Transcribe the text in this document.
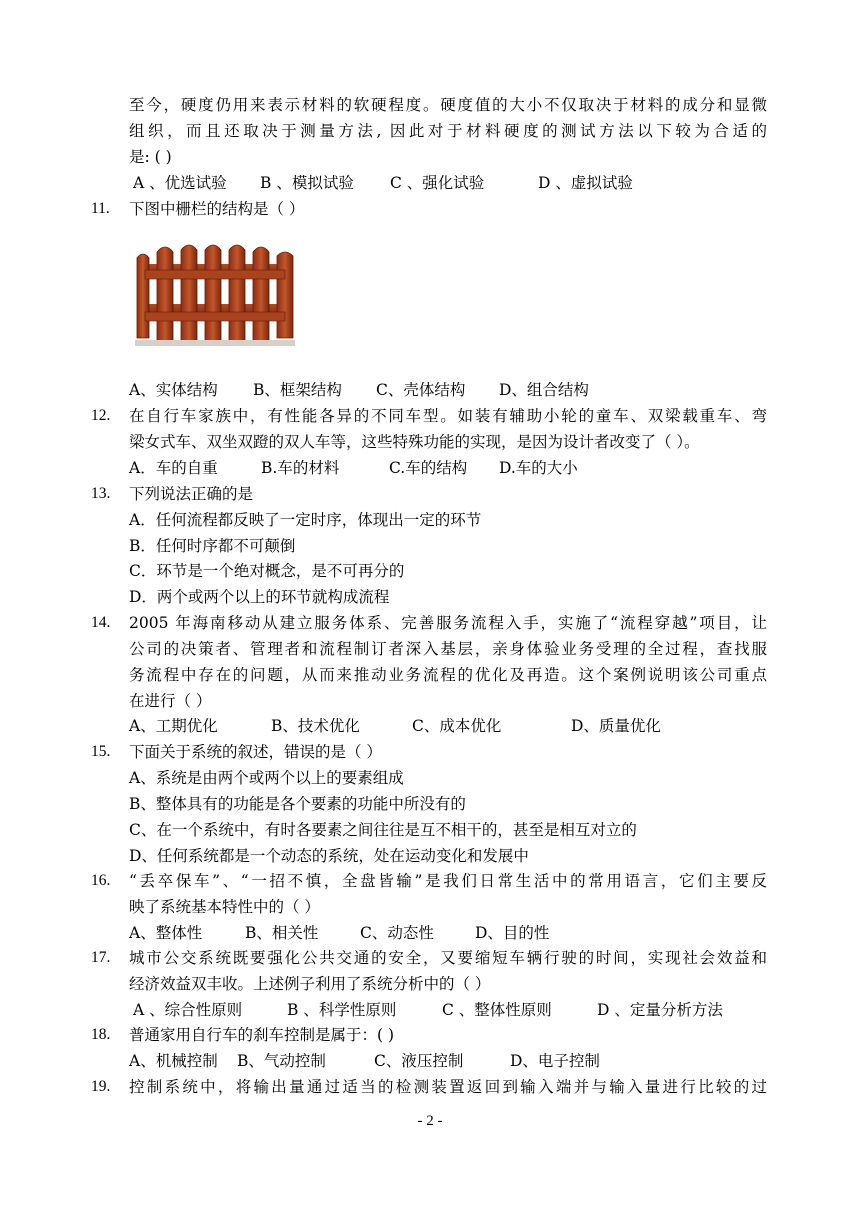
至今，硬度仍用来表示材料的软硬程度。硬度值的大小不仅取决于材料的成分和显微
组织，而且还取决于测量方法, 因此对于材料硬度的测试方法以下较为合适的
是: ( )
A 、优选试验 B 、模拟试验 C 、强化试验	D 、虚拟试验
11. 下图中栅栏的结构是（ ）
A、实体结构 B、框架结构 C、壳体结构 D、组合结构
12. 在自行车家族中，有性能各异的不同车型。如装有辅助小轮的童车、双梁载重车、弯
梁女式车、双坐双蹬的双人车等，这些特殊功能的实现，是因为设计者改变了（ ）。
A．车的自重	B.车的材料	C.车的结构 D.车的大小
13. 下列说法正确的是
A．任何流程都反映了一定时序，体现出一定的环节
B．任何时序都不可颠倒
C．环节是一个绝对概念，是不可再分的
D．两个或两个以上的环节就构成流程
14. 2005 年海南移动从建立服务体系、完善服务流程入手，实施了“流程穿越”项目，让
公司的决策者、管理者和流程制订者深入基层，亲身体验业务受理的全过程，查找服
务流程中存在的问题，从而来推动业务流程的优化及再造。这个案例说明该公司重点
在进行（ ）
A、工期优化	B、技术优化	C、成本优化	D、质量优化
15. 下面关于系统的叙述，错误的是（ ）
A、系统是由两个或两个以上的要素组成
B、整体具有的功能是各个要素的功能中所没有的
C、在一个系统中，有时各要素之间往往是互不相干的，甚至是相互对立的
D、任何系统都是一个动态的系统，处在运动变化和发展中
16. “丢卒保车”、“一招不慎，全盘皆输”是我们日常生活中的常用语言，它们主要反
映了系统基本特性中的（ ）
A、整体性	B、相关性	C、动态性	D、目的性
17. 城市公交系统既要强化公共交通的安全，又要缩短车辆行驶的时间，实现社会效益和
经济效益双丰收。上述例子利用了系统分析中的（ ）
A 、综合性原则	B 、科学性原则	C 、整体性原则	D 、定量分析方法
18. 普通家用自行车的刹车控制是属于：( )
A、机械控制 B、气动控制	C、液压控制	D、电子控制
19. 控制系统中，将输出量通过适当的检测装置返回到输入端并与输入量进行比较的过
- 2 -
